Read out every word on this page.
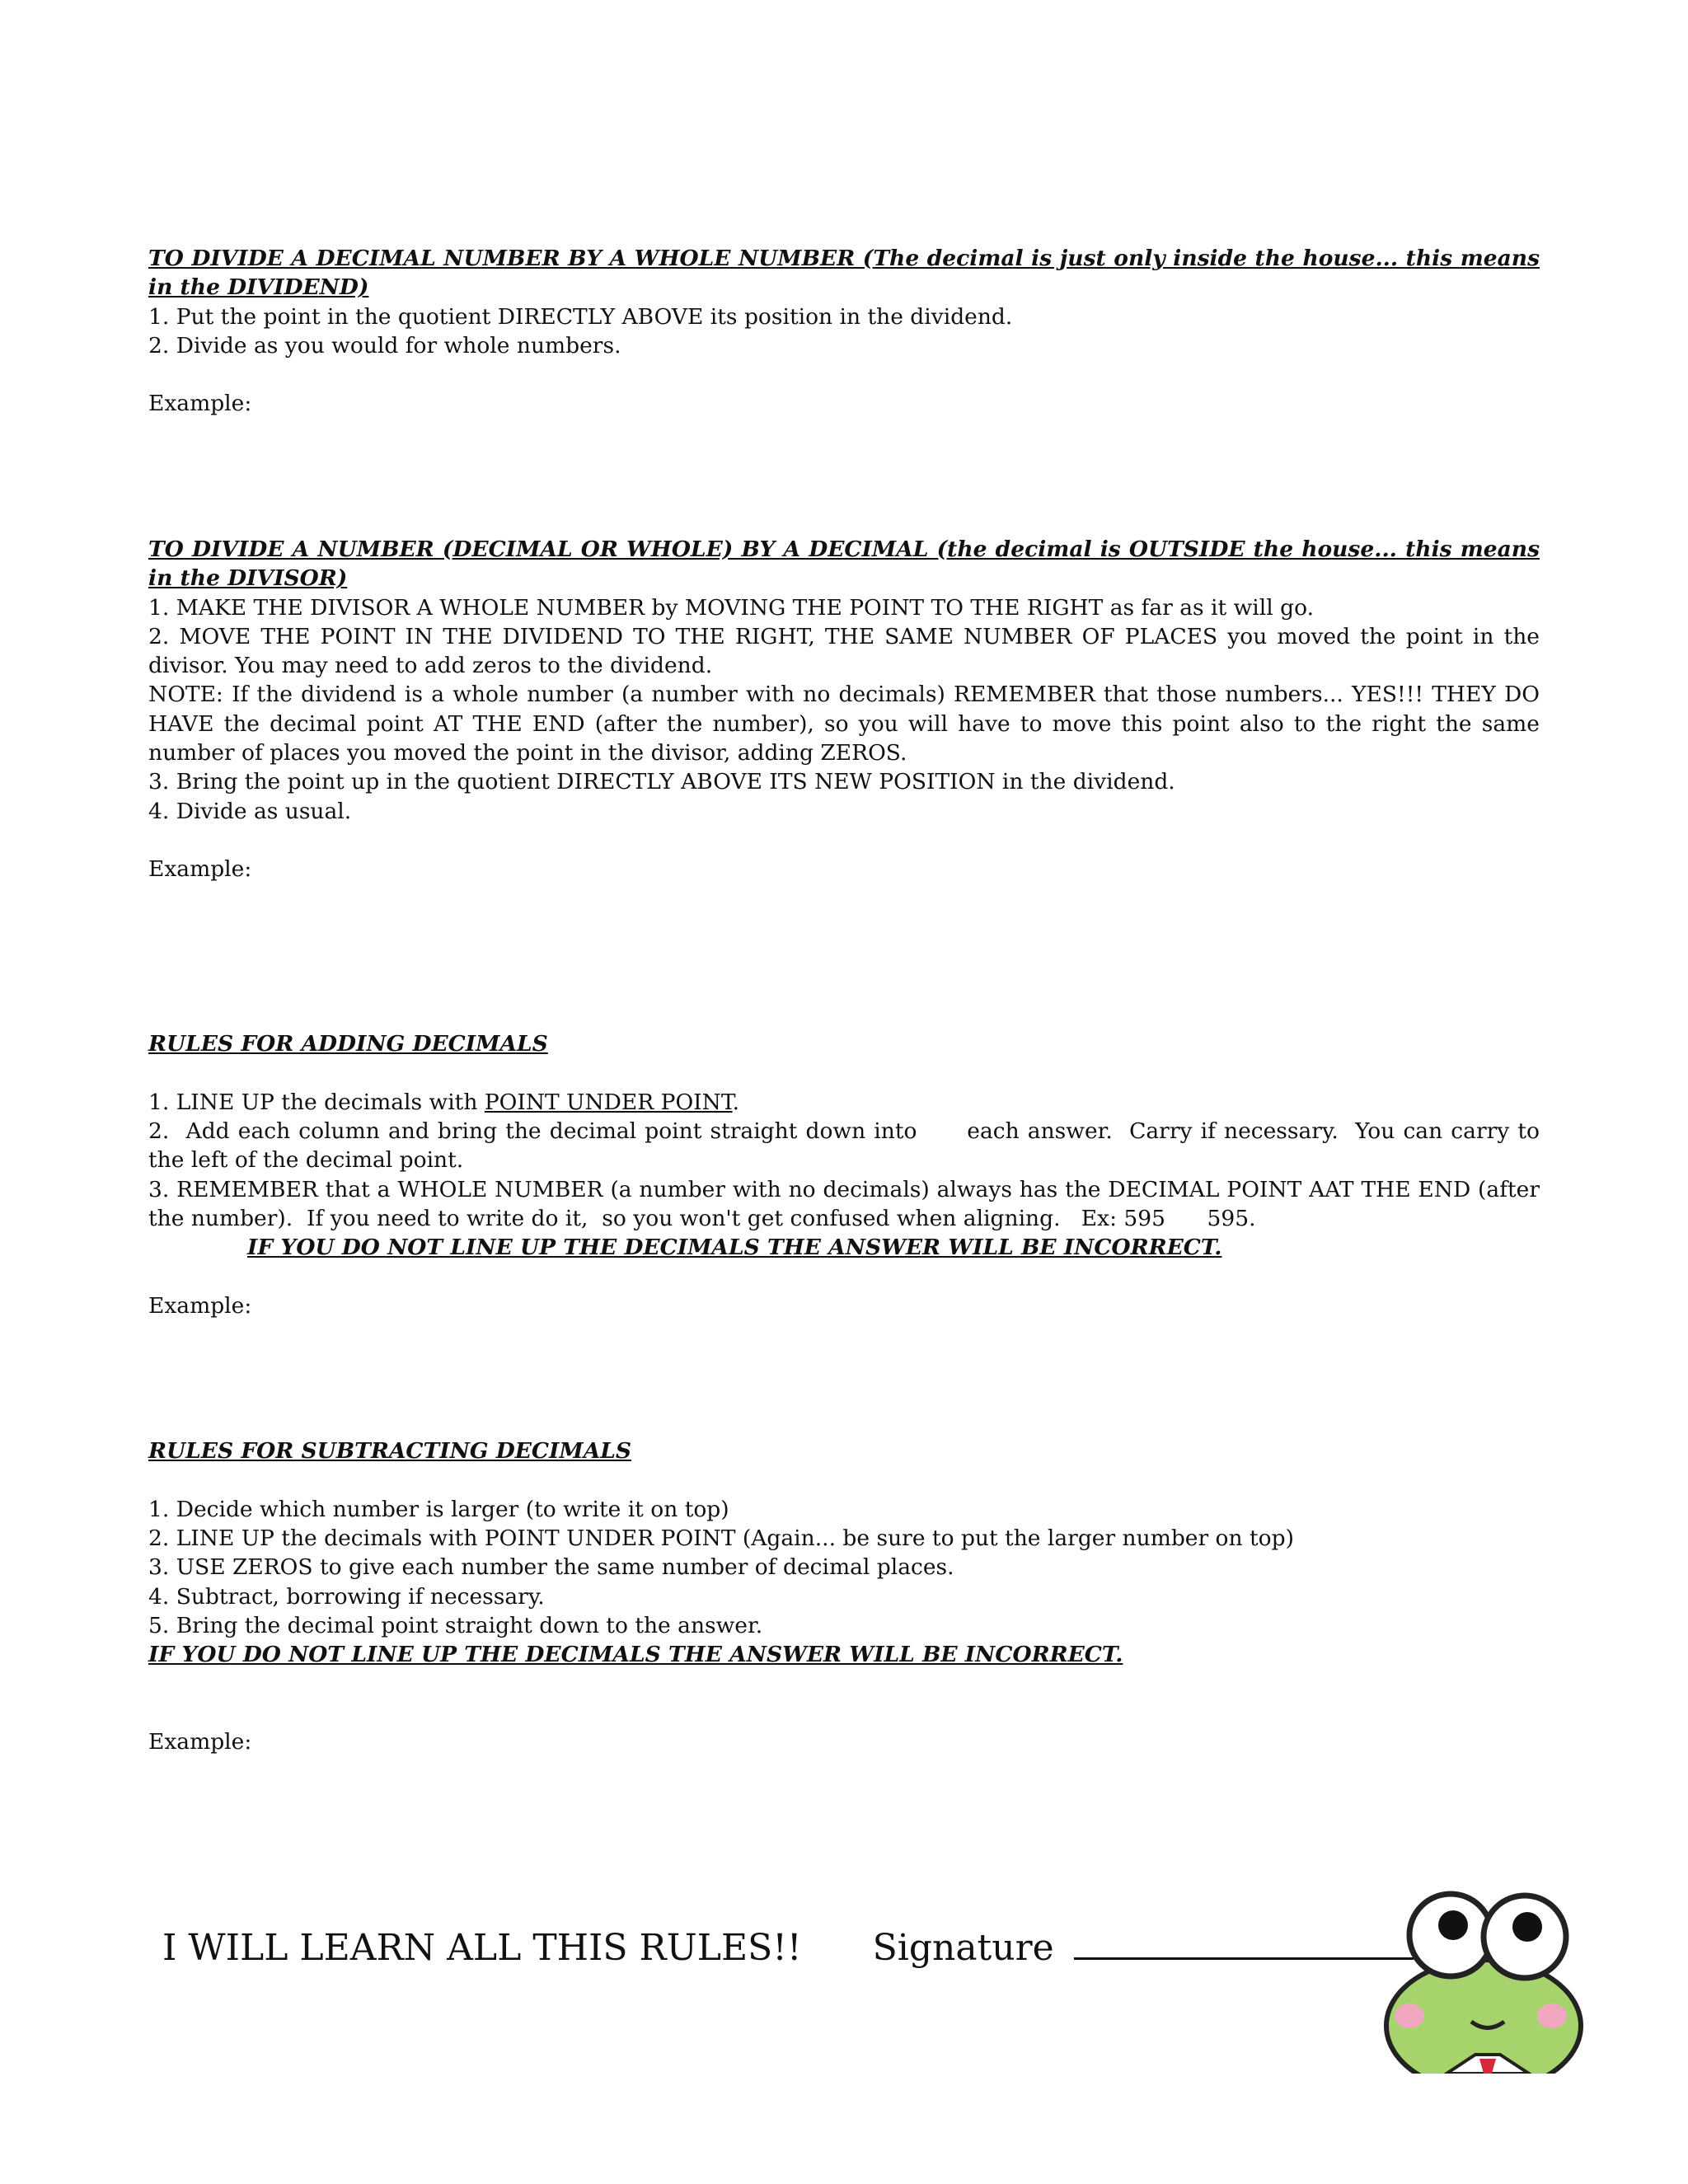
TO DIVIDE A DECIMAL NUMBER BY A WHOLE NUMBER (The decimal is just only inside the house... this means in the DIVIDEND)
1. Put the point in the quotient DIRECTLY ABOVE its position in the dividend.
2. Divide as you would for whole numbers.
Example:
TO DIVIDE A NUMBER (DECIMAL OR WHOLE) BY A DECIMAL (the decimal is OUTSIDE the house... this means in the DIVISOR)
1. MAKE THE DIVISOR A WHOLE NUMBER by MOVING THE POINT TO THE RIGHT as far as it will go.
2. MOVE THE POINT IN THE DIVIDEND TO THE RIGHT, THE SAME NUMBER OF PLACES you moved the point in the divisor. You may need to add zeros to the dividend.
NOTE: If the dividend is a whole number (a number with no decimals) REMEMBER that those numbers... YES!!! THEY DO HAVE the decimal point AT THE END (after the number), so you will have to move this point also to the right the same number of places you moved the point in the divisor, adding ZEROS.
3. Bring the point up in the quotient DIRECTLY ABOVE ITS NEW POSITION in the dividend.
4. Divide as usual.
Example:
RULES FOR ADDING DECIMALS
1. LINE UP the decimals with POINT UNDER POINT.
2.  Add each column and bring the decimal point straight down into      each answer.  Carry if necessary.  You can carry to the left of the decimal point.
3. REMEMBER that a WHOLE NUMBER (a number with no decimals) always has the DECIMAL POINT AAT THE END (after the number).  If you need to write do it,  so you won't get confused when aligning.   Ex: 595      595.
IF YOU DO NOT LINE UP THE DECIMALS THE ANSWER WILL BE INCORRECT.
Example:
RULES FOR SUBTRACTING DECIMALS
1. Decide which number is larger (to write it on top)
2. LINE UP the decimals with POINT UNDER POINT (Again... be sure to put the larger number on top)
3. USE ZEROS to give each number the same number of decimal places.
4. Subtract, borrowing if necessary.
5. Bring the decimal point straight down to the answer.
IF YOU DO NOT LINE UP THE DECIMALS THE ANSWER WILL BE INCORRECT.
Example:
I WILL LEARN ALL THIS RULES!! Signature
